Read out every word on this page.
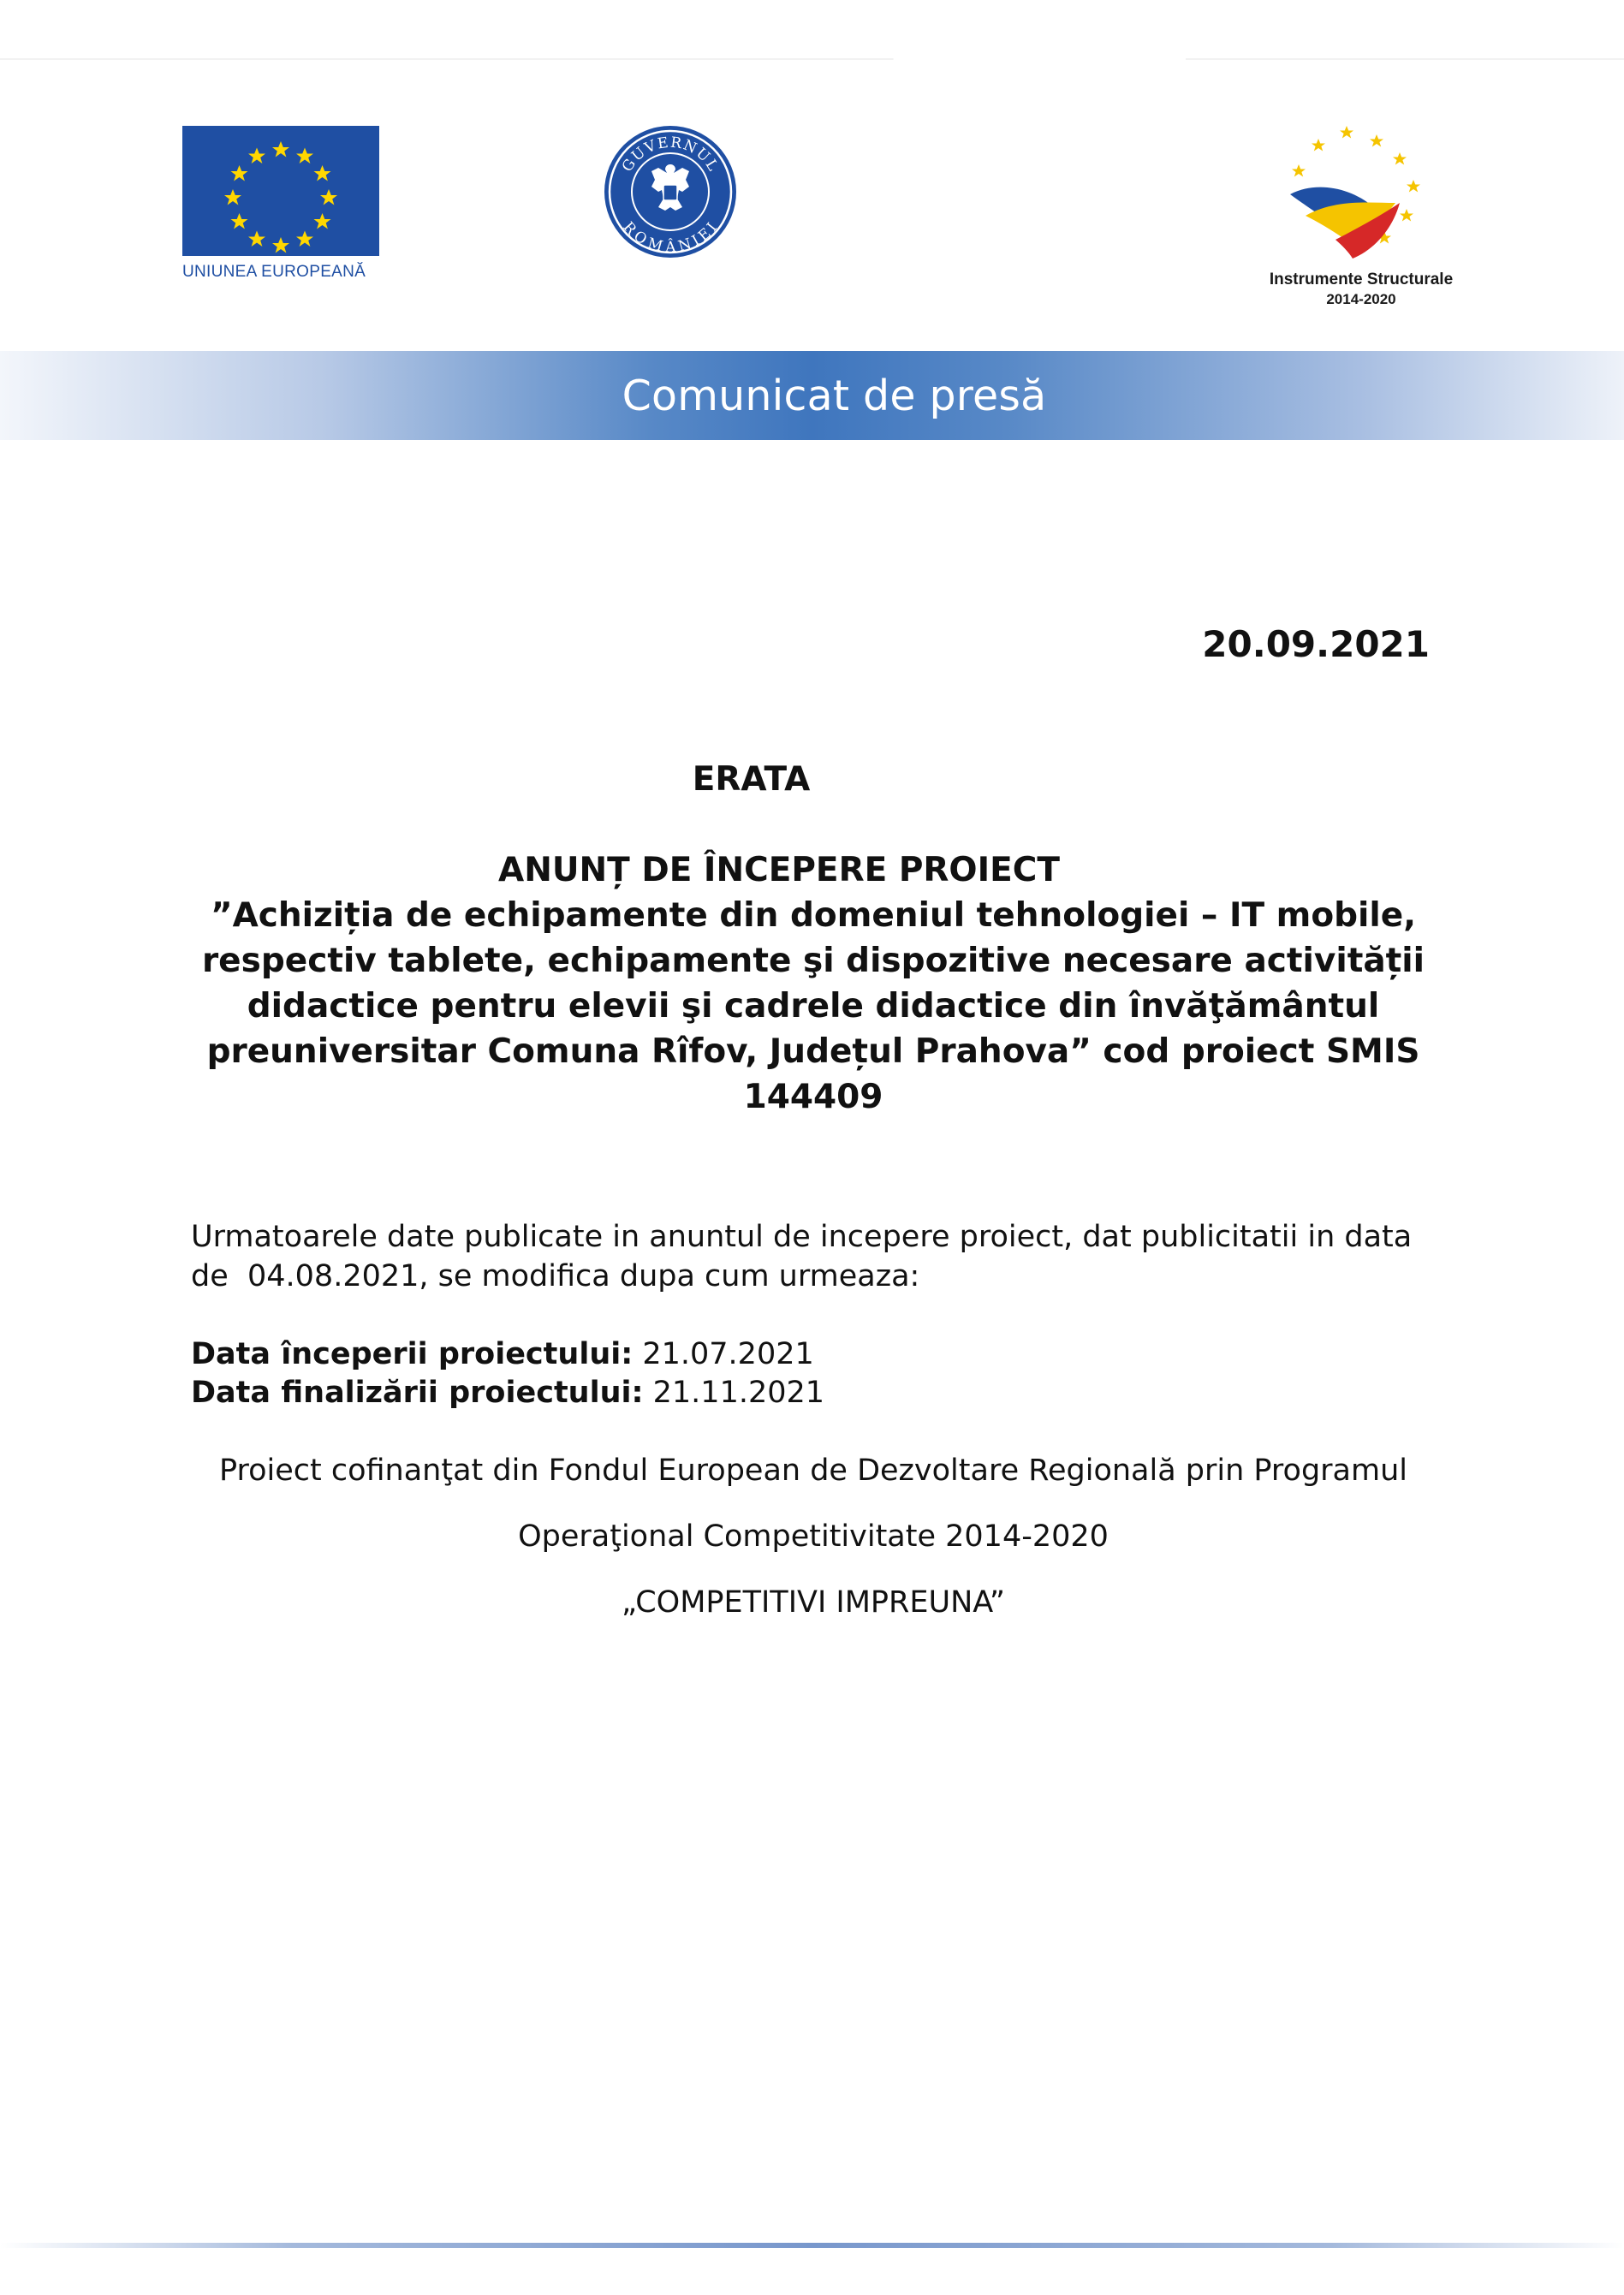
UNIUNEA EUROPEANĂ
GUVERNUL
ROMÂNIEI
Instrumente Structurale
2014-2020
Comunicat de presă
20.09.2021
ERATA
ANUNȚ DE ÎNCEPERE PROIECT
”Achiziția de echipamente din domeniul tehnologiei – IT mobile,
respectiv tablete, echipamente şi dispozitive necesare activității
didactice pentru elevii şi cadrele didactice din învăţământul
preuniversitar Comuna Rîfov, Județul Prahova” cod proiect SMIS
144409
Urmatoarele date publicate in anuntul de incepere proiect, dat publicitatii in data
de  04.08.2021, se modifica dupa cum urmeaza:
Data începerii proiectului: 21.07.2021
Data finalizării proiectului: 21.11.2021
Proiect cofinanţat din Fondul European de Dezvoltare Regională prin Programul
Operaţional Competitivitate 2014-2020
„COMPETITIVI IMPREUNA”
